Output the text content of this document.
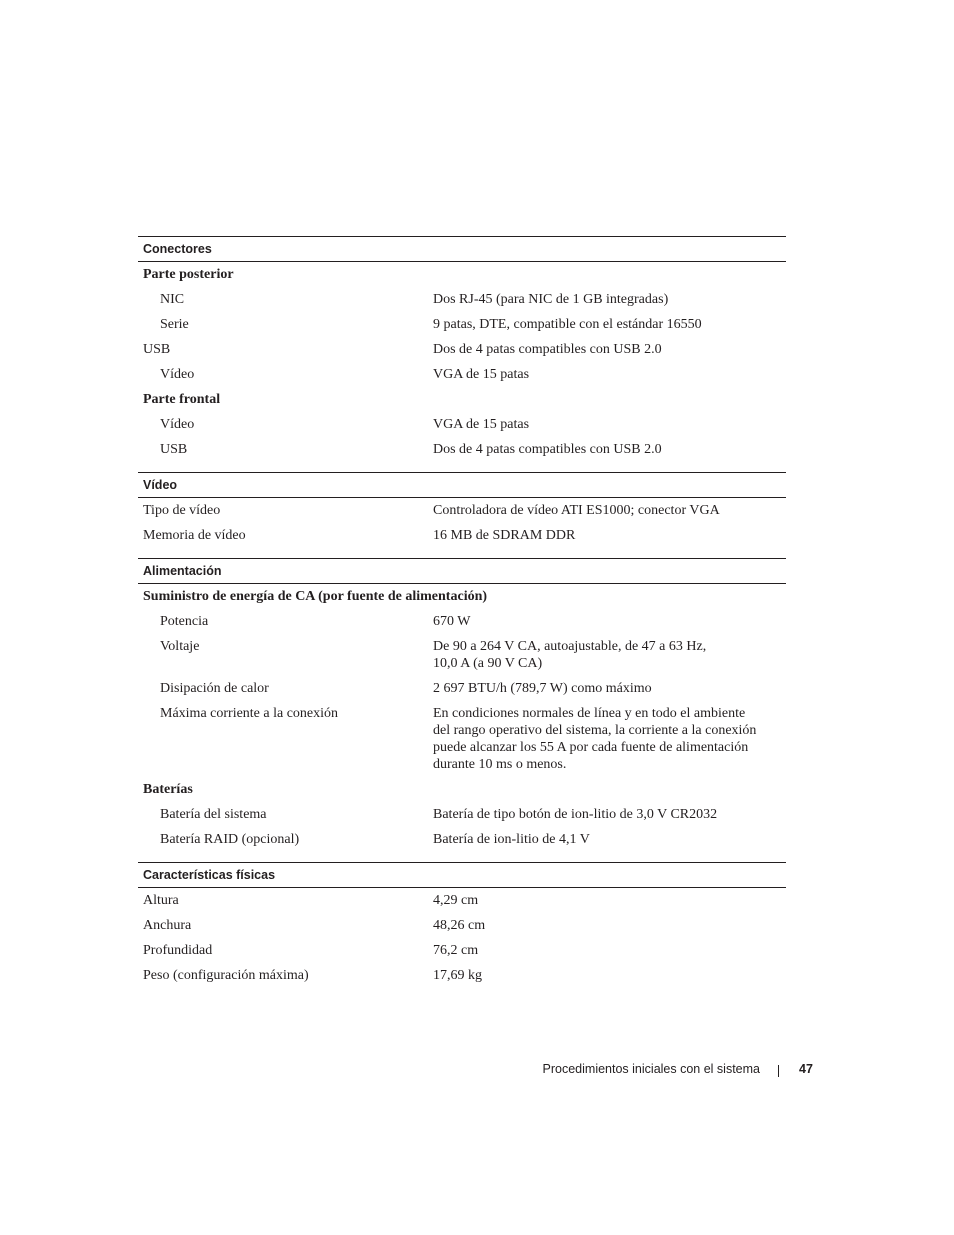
Conectores
Parte posterior
NIC	Dos RJ-45 (para NIC de 1 GB integradas)
Serie	9 patas, DTE, compatible con el estándar 16550
USB	Dos de 4 patas compatibles con USB 2.0
Vídeo	VGA de 15 patas
Parte frontal
Vídeo	VGA de 15 patas
USB	Dos de 4 patas compatibles con USB 2.0
Vídeo
Tipo de vídeo	Controladora de vídeo ATI ES1000; conector VGA
Memoria de vídeo	16 MB de SDRAM DDR
Alimentación
Suministro de energía de CA (por fuente de alimentación)
Potencia	670 W
Voltaje	De 90 a 264 V CA, autoajustable, de 47 a 63 Hz,
10,0 A (a 90 V CA)
Disipación de calor	2 697 BTU/h (789,7 W) como máximo
Máxima corriente a la conexión	En condiciones normales de línea y en todo el ambiente
del rango operativo del sistema, la corriente a la conexión
puede alcanzar los 55 A por cada fuente de alimentación
durante 10 ms o menos.
Baterías
Batería del sistema	Batería de tipo botón de ion-litio de 3,0 V CR2032
Batería RAID (opcional)	Batería de ion-litio de 4,1 V
Características físicas
Altura	4,29 cm
Anchura	48,26 cm
Profundidad	76,2 cm
Peso (configuración máxima)	17,69 kg
Procedimientos iniciales con el sistema	47
